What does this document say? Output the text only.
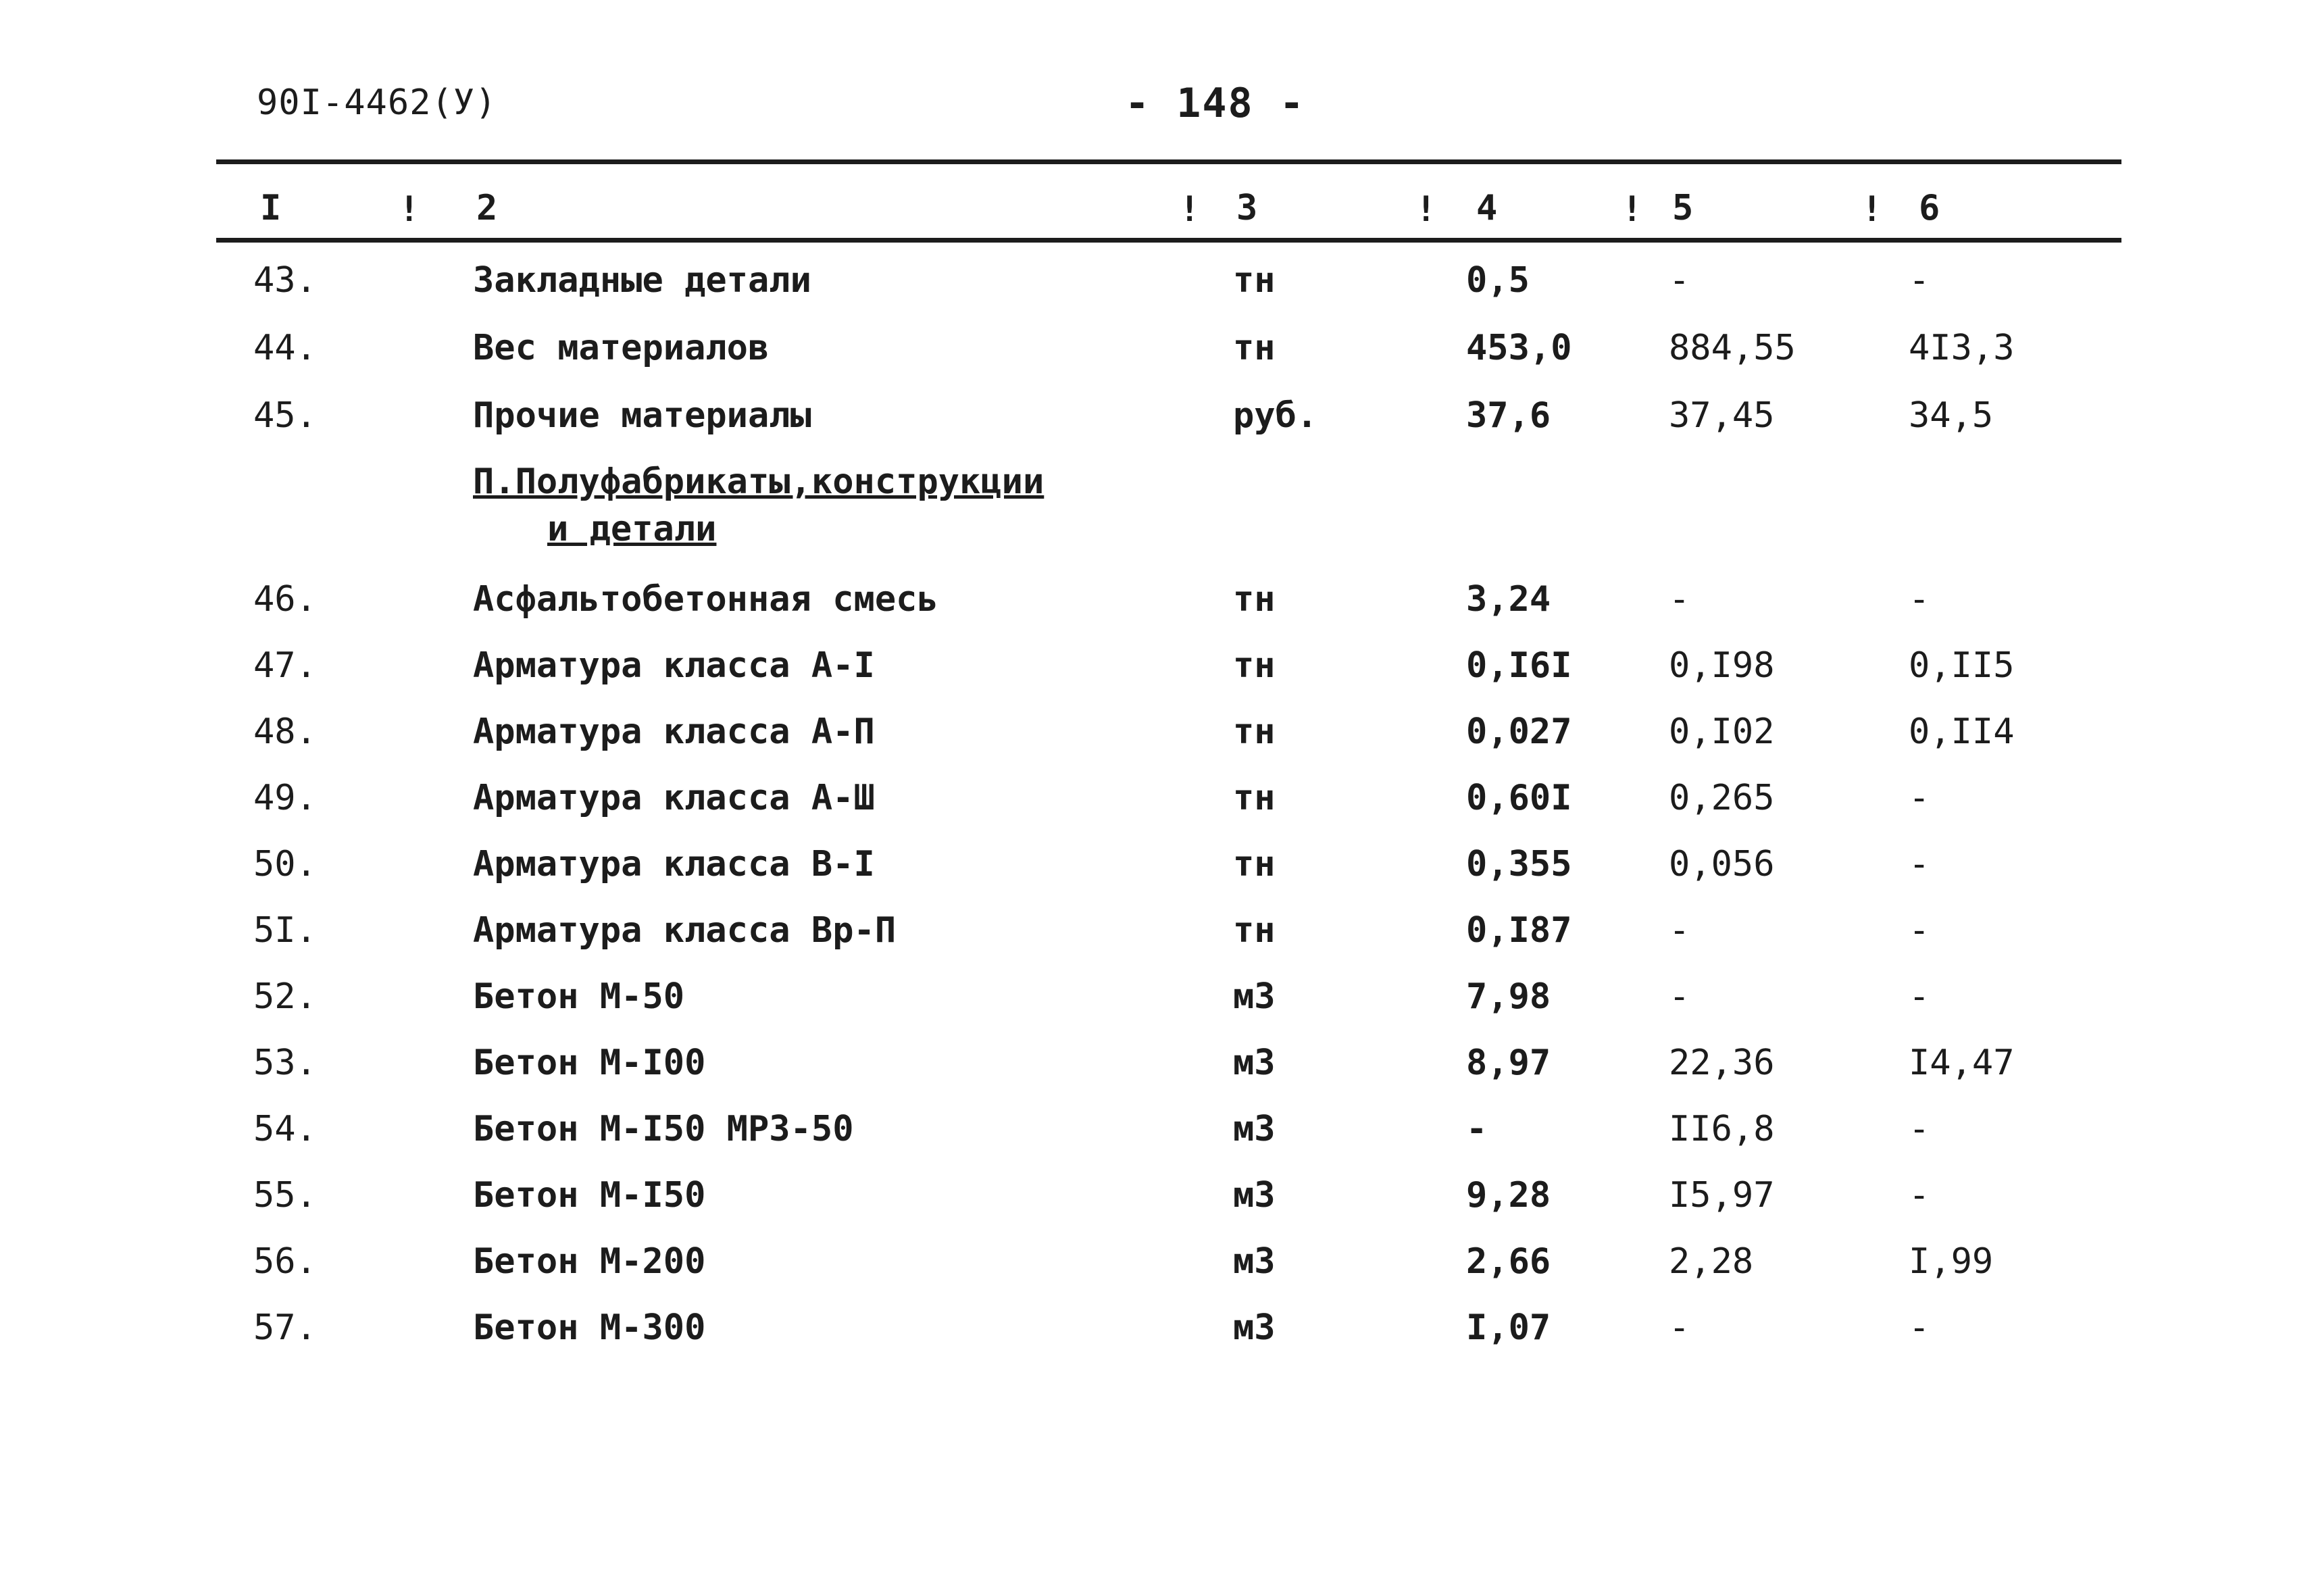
90I-4462(У)	- 148 -
I	! 2	! 3	! 4	! 5	! 6
43.	Закладные детали	тн	0,5	-	-
44.	Вес материалов	тн	453,0	884,55	4I3,3
45.	Прочие материалы	руб.	37,6	37,45	34,5
П.Полуфабрикаты,конструкции
и детали
46.	Асфальтобетонная смесь	тн	3,24	-	-
47.	Арматура класса А-I	тн	0,I6I	0,I98	0,II5
48.	Арматура класса А-П	тн	0,027	0,I02	0,II4
49.	Арматура класса А-Ш	тн	0,60I	0,265	-
50.	Арматура класса В-I	тн	0,355	0,056	-
5I.	Арматура класса Вр-П	тн	0,I87	-	-
52.	Бетон М-50	м3	7,98	-	-
53.	Бетон М-I00	м3	8,97	22,36	I4,47
54.	Бетон М-I50 МРЗ-50	м3	-	II6,8	-
55.	Бетон М-I50	м3	9,28	I5,97	-
56.	Бетон М-200	м3	2,66	2,28	I,99
57.	Бетон М-300	м3	I,07	-	-
